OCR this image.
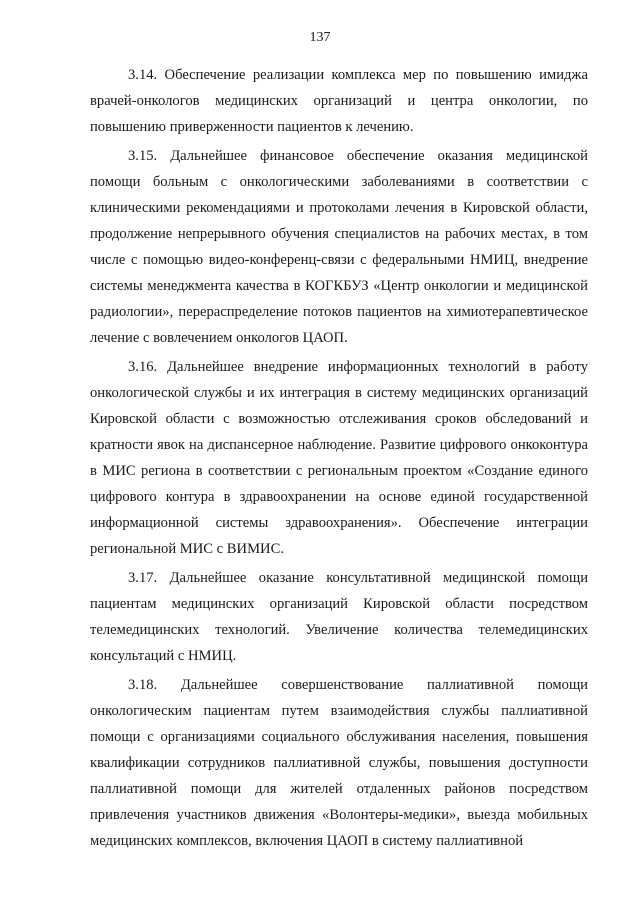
137

3.14. Обеспечение реализации комплекса мер по повышению имиджа врачей-онкологов медицинских организаций и центра онкологии, по повышению приверженности пациентов к лечению.

3.15. Дальнейшее финансовое обеспечение оказания медицинской помощи больным с онкологическими заболеваниями в соответствии с клиническими рекомендациями и протоколами лечения в Кировской области, продолжение непрерывного обучения специалистов на рабочих местах, в том числе с помощью видео-конференц-связи с федеральными НМИЦ, внедрение системы менеджмента качества в КОГКБУЗ «Центр онкологии и медицинской радиологии», перераспределение потоков пациентов на химиотерапевтическое лечение с вовлечением онкологов ЦАОП.

3.16. Дальнейшее внедрение информационных технологий в работу онкологической службы и их интеграция в систему медицинских организаций Кировской области с возможностью отслеживания сроков обследований и кратности явок на диспансерное наблюдение. Развитие цифрового онкоконтура в МИС региона в соответствии с региональным проектом «Создание единого цифрового контура в здравоохранении на основе единой государственной информационной системы здравоохранения». Обеспечение интеграции региональной МИС с ВИМИС.

3.17. Дальнейшее оказание консультативной медицинской помощи пациентам медицинских организаций Кировской области посредством телемедицинских технологий. Увеличение количества телемедицинских консультаций с НМИЦ.

3.18. Дальнейшее совершенствование паллиативной помощи онкологическим пациентам путем взаимодействия службы паллиативной помощи с организациями социального обслуживания населения, повышения квалификации сотрудников паллиативной службы, повышения доступности паллиативной помощи для жителей отдаленных районов посредством привлечения участников движения «Волонтеры-медики», выезда мобильных медицинских комплексов, включения ЦАОП в систему паллиативной
